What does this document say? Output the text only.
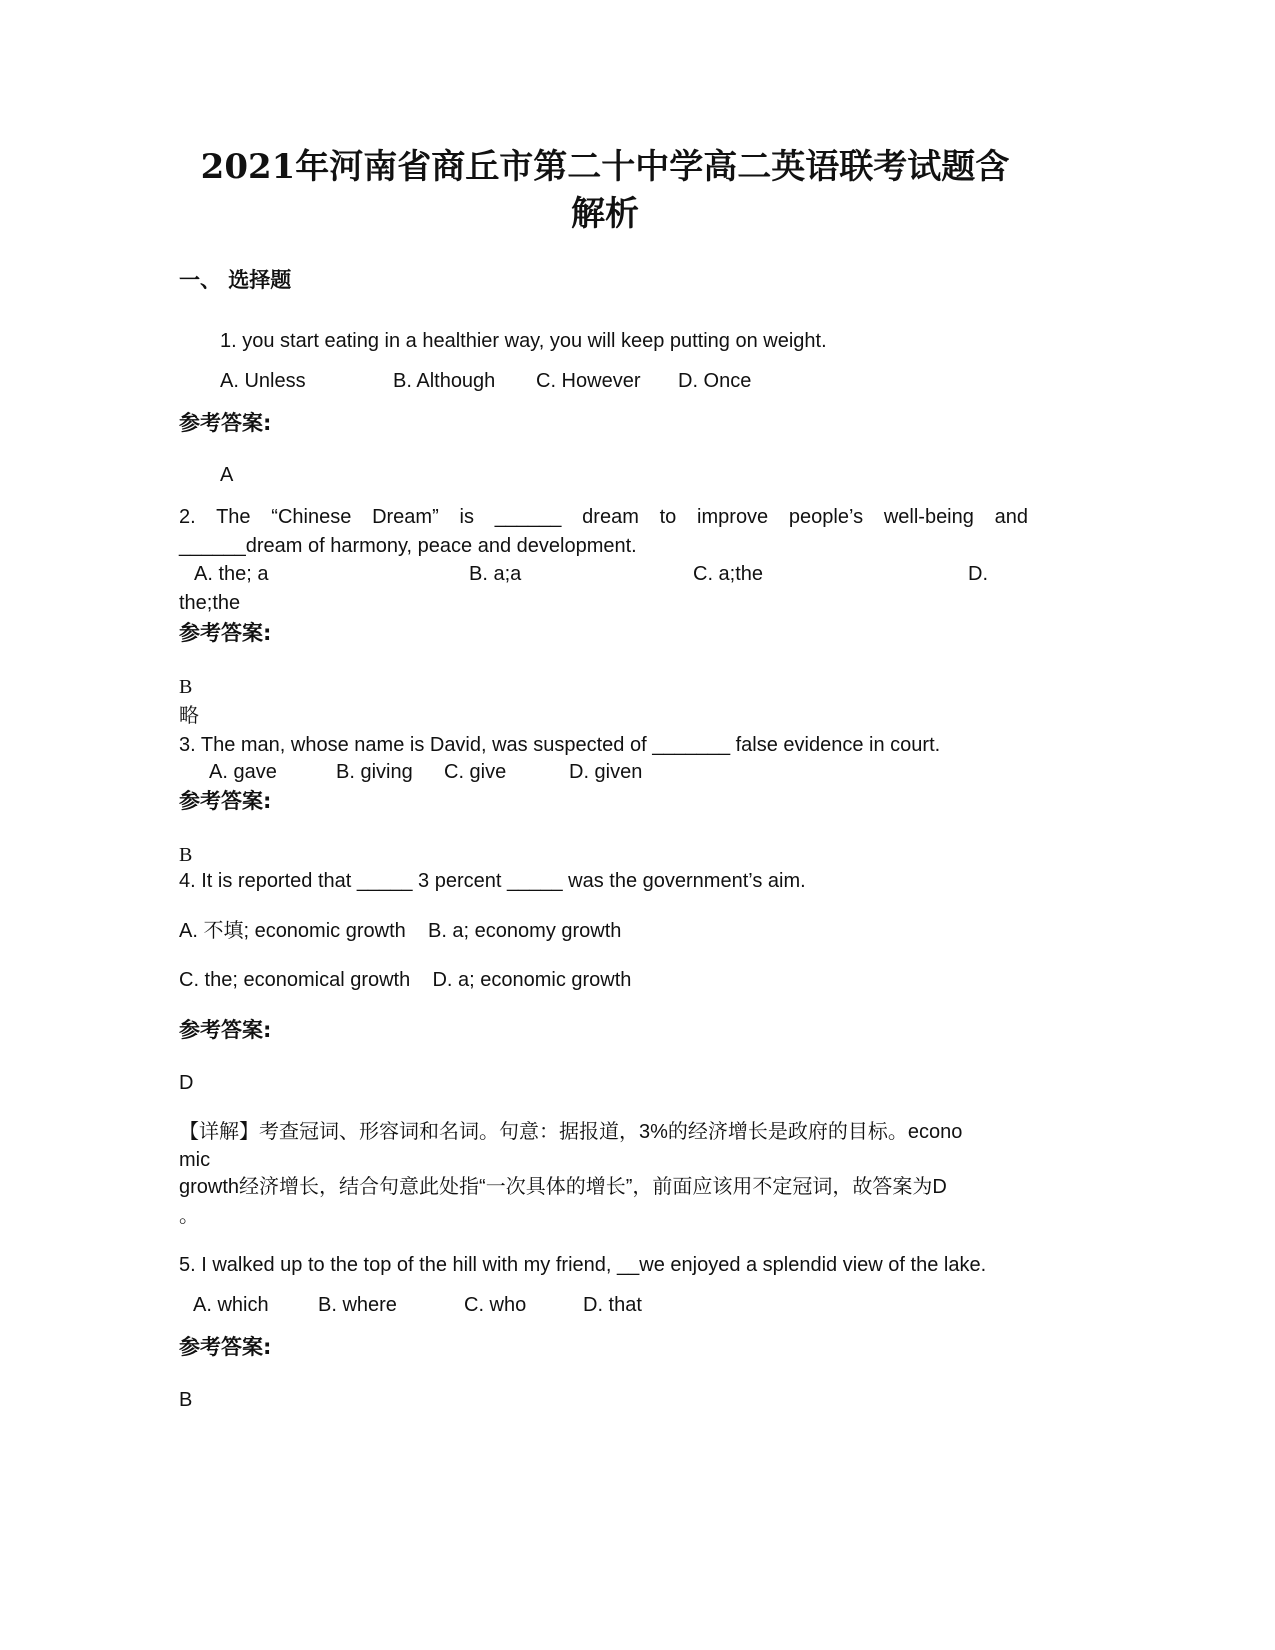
2021年河南省商丘市第二十中学高二英语联考试题含
解析
一、 选择题
1. you start eating in a healthier way, you will keep putting on weight.
A. Unless	B. Although C. However D. Once
参考答案:
A
2. The “Chinese Dream” is ______ dream to improve people’s well-being and
______dream of harmony, peace and development.
A. the; a	B. a;a	C. a;the	D.
the;the
参考答案:
B
略
3. The man, whose name is David, was suspected of _______ false evidence in court.
A. gave	B. giving C. give	D. given
参考答案:
B
4. It is reported that _____ 3 percent _____ was the government’s aim.
A. 不填; economic growth    B. a; economy growth
C. the; economical growth    D. a; economic growth
参考答案:
D
【详解】考查冠词、形容词和名词。句意：据报道，3%的经济增长是政府的目标。econo
mic
growth经济增长，结合句意此处指“一次具体的增长”，前面应该用不定冠词，故答案为D
。
5. I walked up to the top of the hill with my friend, __we enjoyed a splendid view of the lake.
A. which B. where	C. who	D. that
参考答案:
B
